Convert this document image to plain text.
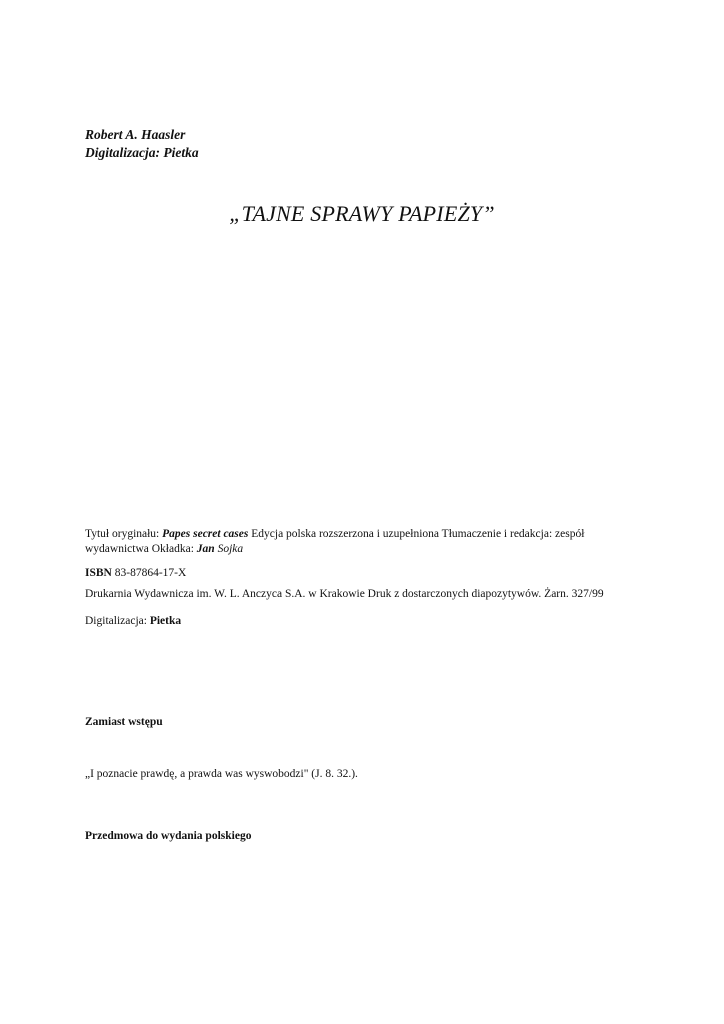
Robert A. Haasler
Digitalizacja: Pietka
„TAJNE SPRAWY PAPIEŻY”

Tytuł oryginału: Papes secret cases Edycja polska rozszerzona i uzupełniona Tłumaczenie i redakcja: zespół wydawnictwa Okładka: Jan Sojka

ISBN 83-87864-17-X

Drukarnia Wydawnicza im. W. L. Anczyca S.A. w Krakowie Druk z dostarczonych diapozytywów. Żarn. 327/99

Digitalizacja: Pietka

Zamiast wstępu

„I poznacie prawdę, a prawda was wyswobodzi" (J. 8. 32.).

Przedmowa do wydania polskiego
